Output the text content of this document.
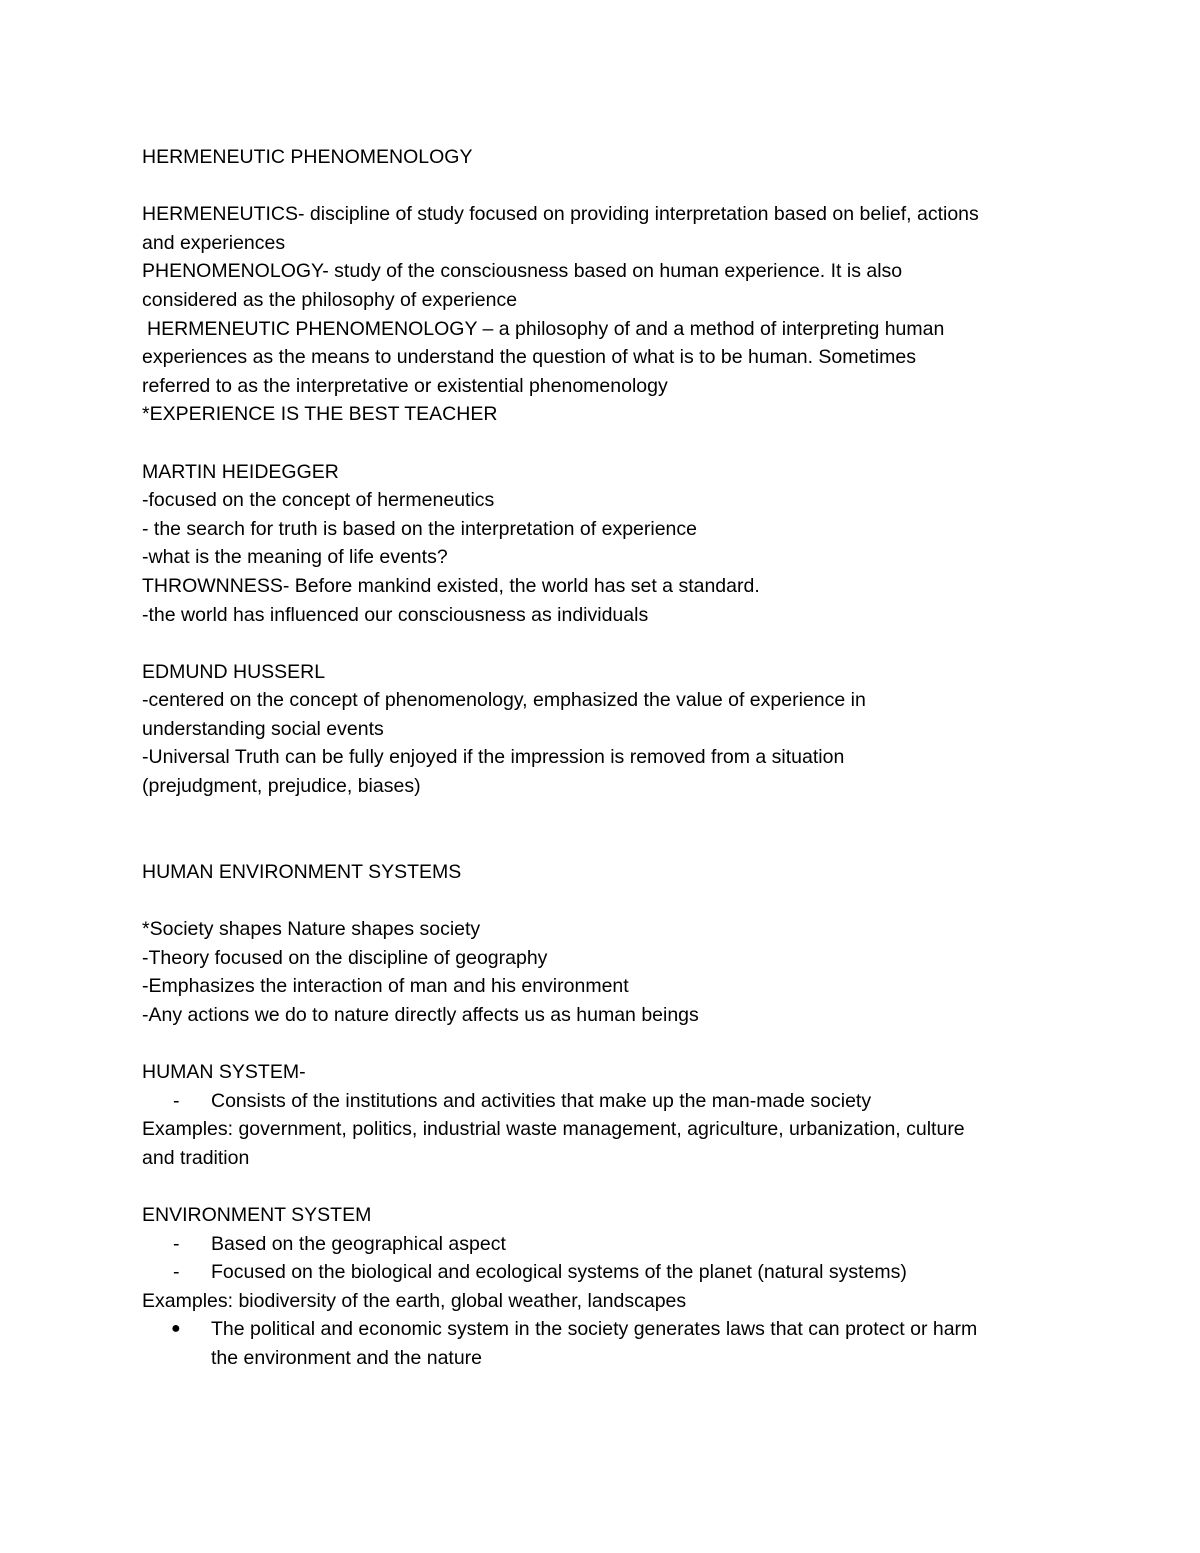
HERMENEUTIC PHENOMENOLOGY
HERMENEUTICS- discipline of study focused on providing interpretation based on belief, actions
and experiences
PHENOMENOLOGY- study of the consciousness based on human experience. It is also
considered as the philosophy of experience
HERMENEUTIC PHENOMENOLOGY – a philosophy of and a method of interpreting human
experiences as the means to understand the question of what is to be human. Sometimes
referred to as the interpretative or existential phenomenology
*EXPERIENCE IS THE BEST TEACHER
MARTIN HEIDEGGER
-focused on the concept of hermeneutics
- the search for truth is based on the interpretation of experience
-what is the meaning of life events?
THROWNNESS- Before mankind existed, the world has set a standard.
-the world has influenced our consciousness as individuals
EDMUND HUSSERL
-centered on the concept of phenomenology, emphasized the value of experience in
understanding social events
-Universal Truth can be fully enjoyed if the impression is removed from a situation
(prejudgment, prejudice, biases)
HUMAN ENVIRONMENT SYSTEMS
*Society shapes Nature shapes society
-Theory focused on the discipline of geography
-Emphasizes the interaction of man and his environment
-Any actions we do to nature directly affects us as human beings
HUMAN SYSTEM-
-	Consists of the institutions and activities that make up the man-made society
Examples: government, politics, industrial waste management, agriculture, urbanization, culture
and tradition
ENVIRONMENT SYSTEM
-	Based on the geographical aspect
-	Focused on the biological and ecological systems of the planet (natural systems)
Examples: biodiversity of the earth, global weather, landscapes
●	The political and economic system in the society generates laws that can protect or harm
the environment and the nature
